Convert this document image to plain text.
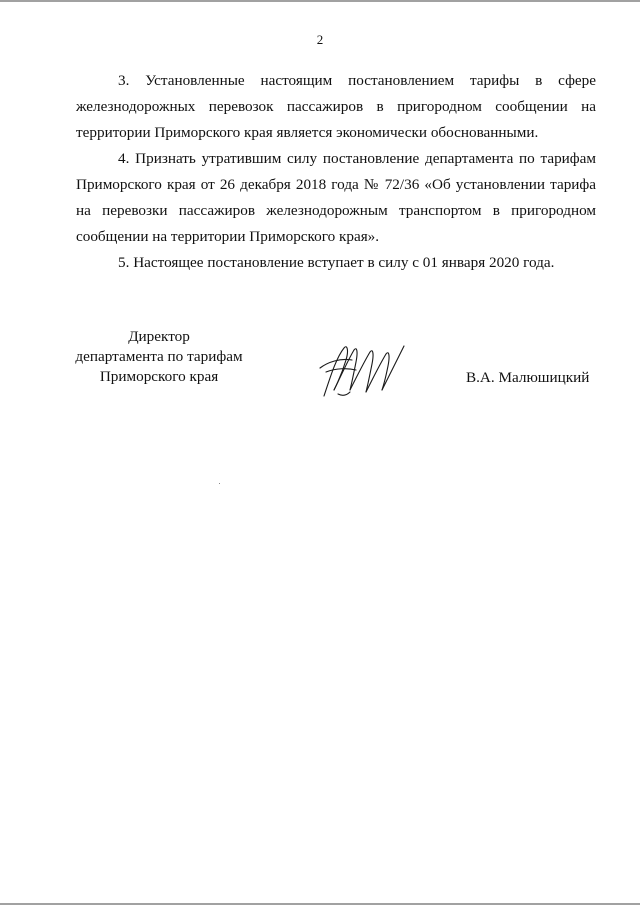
2

3. Установленные настоящим постановлением тарифы в сфере железнодорожных перевозок пассажиров в пригородном сообщении на территории Приморского края является экономически обоснованными.

4. Признать утратившим силу постановление департамента по тарифам Приморского края от 26 декабря 2018 года № 72/36 «Об установлении тарифа на перевозки пассажиров железнодорожным транспортом в пригородном сообщении на территории Приморского края».

5. Настоящее постановление вступает в силу с 01 января 2020 года.

Директор
департамента по тарифам
Приморского края	В.А. Малюшицкий
